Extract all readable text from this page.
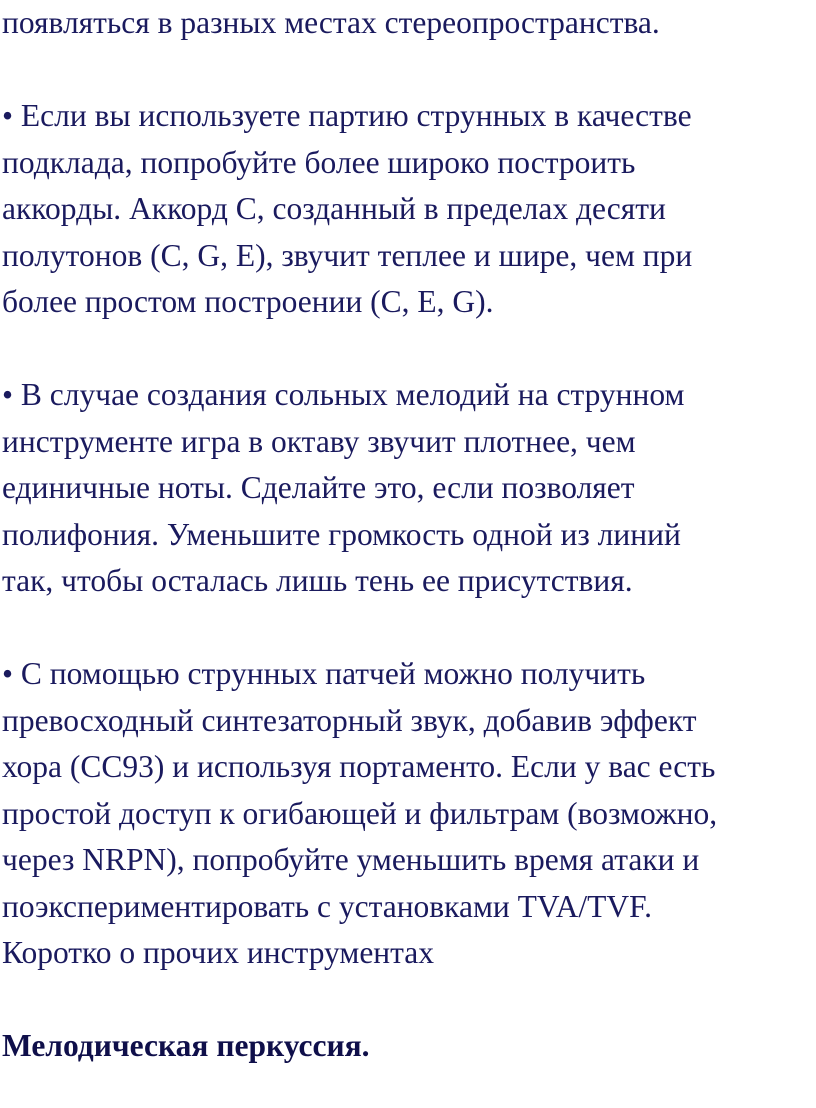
появляться в разных местах стереопространства.
• Если вы используете партию струнных в качестве
подклада, попробуйте более широко построить
аккорды. Аккорд C, созданный в пределах десяти
полутонов (C, G, E), звучит теплее и шире, чем при
более простом построении (C, E, G).
• В случае создания сольных мелодий на струнном
инструменте игра в октаву звучит плотнее, чем
единичные ноты. Сделайте это, если позволяет
полифония. Уменьшите громкость одной из линий
так, чтобы осталась лишь тень ее присутствия.
• С помощью струнных патчей можно получить
превосходный синтезаторный звук, добавив эффект
хора (CC93) и используя портаменто. Если у вас есть
простой доступ к огибающей и фильтрам (возможно,
через NRPN), попробуйте уменьшить время атаки и
поэкспериментировать с установками TVA/TVF.
Коротко о прочих инструментах
Мелодическая перкуссия.
